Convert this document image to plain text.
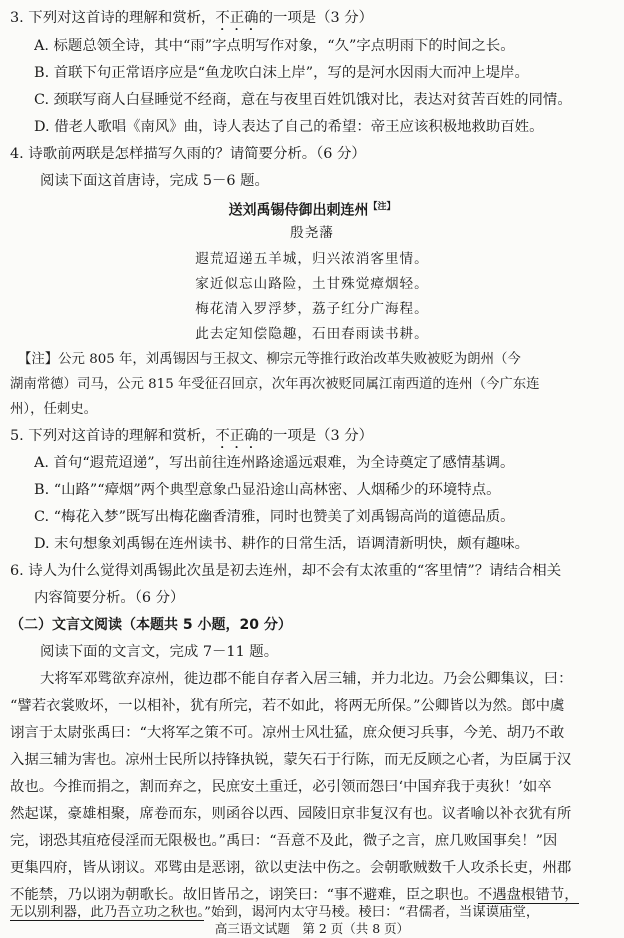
3. 下列对这首诗的理解和赏析，不正确的一项是（3 分）
A. 标题总领全诗，其中“雨”字点明写作对象，“久”字点明雨下的时间之长。
B. 首联下句正常语序应是“鱼龙吹白沫上岸”，写的是河水因雨大而冲上堤岸。
C. 颈联写商人白昼睡觉不经商，意在与夜里百姓饥饿对比，表达对贫苦百姓的同情。
D. 借老人歌唱《南风》曲，诗人表达了自己的希望：帝王应该积极地救助百姓。
4. 诗歌前两联是怎样描写久雨的？请简要分析。（6 分）
阅读下面这首唐诗，完成 5－6 题。
送刘禹锡侍御出刺连州$^{【注】}$
殷尧藩
遐荒迢递五羊城，归兴浓消客里情。
家近似忘山路险，土甘殊觉瘴烟轻。
梅花清入罗浮梦，荔子红分广海程。
此去定知偿隐趣，石田春雨读书耕。
【注】公元 805 年，刘禹锡因与王叔文、柳宗元等推行政治改革失败被贬为朗州（今
湖南常德）司马，公元 815 年受征召回京，次年再次被贬同属江南西道的连州（今广东连
州），任刺史。
5. 下列对这首诗的理解和赏析，不正确的一项是（3 分）
A. 首句“遐荒迢递”，写出前往连州路途遥远艰难，为全诗奠定了感情基调。
B. “山路”“瘴烟”两个典型意象凸显沿途山高林密、人烟稀少的环境特点。
C. “梅花入梦”既写出梅花幽香清雅，同时也赞美了刘禹锡高尚的道德品质。
D. 末句想象刘禹锡在连州读书、耕作的日常生活，语调清新明快，颇有趣味。
6. 诗人为什么觉得刘禹锡此次虽是初去连州，却不会有太浓重的“客里情”？请结合相关
内容简要分析。（6 分）
（二）文言文阅读（本题共 5 小题，20 分）
阅读下面的文言文，完成 7－11 题。
大将军邓骘欲弃凉州，徙边郡不能自存者入居三辅，并力北边。乃会公卿集议，曰：
“譬若衣裳败坏，一以相补，犹有所完，若不如此，将两无所保。”公卿皆以为然。郎中虞
诩言于太尉张禹曰：“大将军之策不可。凉州士风壮猛，庶众便习兵事，今羌、胡乃不敢
入据三辅为害也。凉州士民所以持锋执锐，蒙矢石于行陈，而无反顾之心者，为臣属于汉
故也。今推而捐之，割而弃之，民庶安土重迁，必引领而怨曰‘中国弃我于夷狄！’如卒
然起谋，豪雄相聚，席卷而东，则函谷以西、园陵旧京非复汉有也。议者喻以补衣犹有所
完，诩恐其疽疮侵淫而无限极也。”禹曰：“吾意不及此，微子之言，庶几败国事矣！”因
更集四府，皆从诩议。邓骘由是恶诩，欲以吏法中伤之。会朝歌贼数千人攻杀长吏，州郡
不能禁，乃以诩为朝歌长。故旧皆吊之，诩笑曰：“事不避难，臣之职也。不遇盘根错节，
高三语文试题　第 2 页（共 8 页）
无以别利器，此乃吾立功之秋也。”始到，谒河内太守马稜。稜曰：“君儒者，当谋谟庙堂，
